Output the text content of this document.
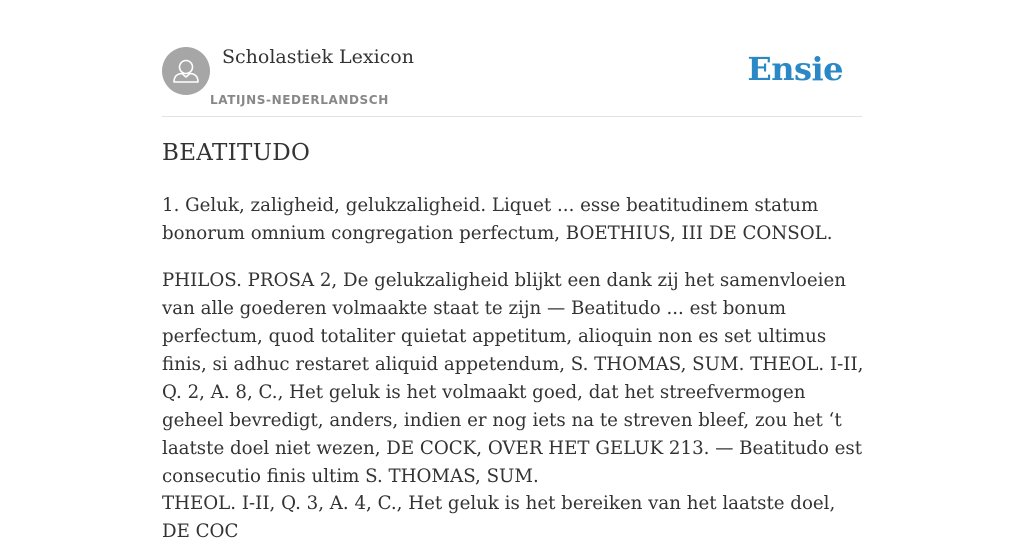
Scholastiek Lexicon
LATIJNS-NEDERLANDSCH
Ensie
BEATITUDO

1. Geluk, zaligheid, gelukzaligheid. Liquet ... esse beatitudinem statum bonorum omnium congregation perfectum, BOETHIUS, III DE CONSOL.

PHILOS. PROSA 2, De gelukzaligheid blijkt een dank zij het samenvloeien van alle goederen volmaakte staat te zijn — Beatitudo ... est bonum perfectum, quod totaliter quietat appetitum, alioquin non es set ultimus finis, si adhuc restaret aliquid appetendum, S. THOMAS, SUM. THEOL. I-II, Q. 2, A. 8, C., Het geluk is het volmaakt goed, dat het streefvermogen geheel bevredigt, anders, indien er nog iets na te streven bleef, zou het ‘t laatste doel niet wezen, DE COCK, OVER HET GELUK 213. — Beatitudo est consecutio finis ultim S. THOMAS, SUM.

THEOL. I-II, Q. 3, A. 4, C., Het geluk is het bereiken van het laatste doel, DE COC
